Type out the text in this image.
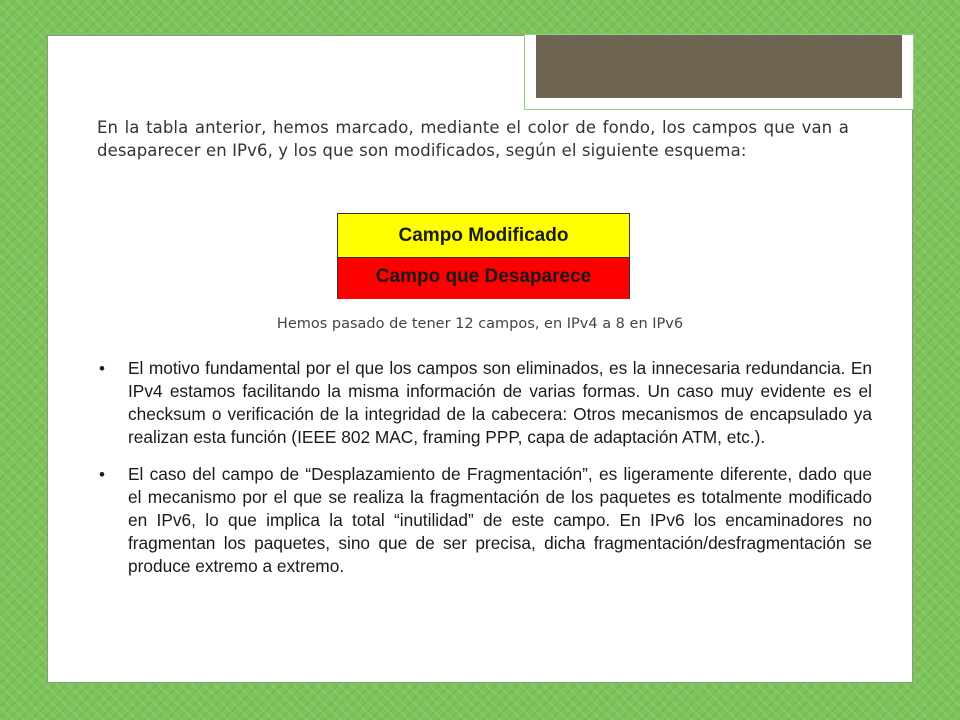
En la tabla anterior, hemos marcado, mediante el color de fondo, los campos que van a desaparecer en IPv6, y los que son modificados, según el siguiente esquema:

Campo Modificado
Campo que Desaparece
Hemos pasado de tener 12 campos, en IPv4 a 8 en IPv6
• El motivo fundamental por el que los campos son eliminados, es la innecesaria redundancia. En IPv4 estamos facilitando la misma información de varias formas. Un caso muy evidente es el checksum o verificación de la integridad de la cabecera: Otros mecanismos de encapsulado ya realizan esta función (IEEE 802 MAC, framing PPP, capa de adaptación ATM, etc.).
• El caso del campo de “Desplazamiento de Fragmentación”, es ligeramente diferente, dado que el mecanismo por el que se realiza la fragmentación de los paquetes es totalmente modificado en IPv6, lo que implica la total “inutilidad” de este campo. En IPv6 los encaminadores no fragmentan los paquetes, sino que de ser precisa, dicha fragmentación/desfragmentación se produce extremo a extremo.
